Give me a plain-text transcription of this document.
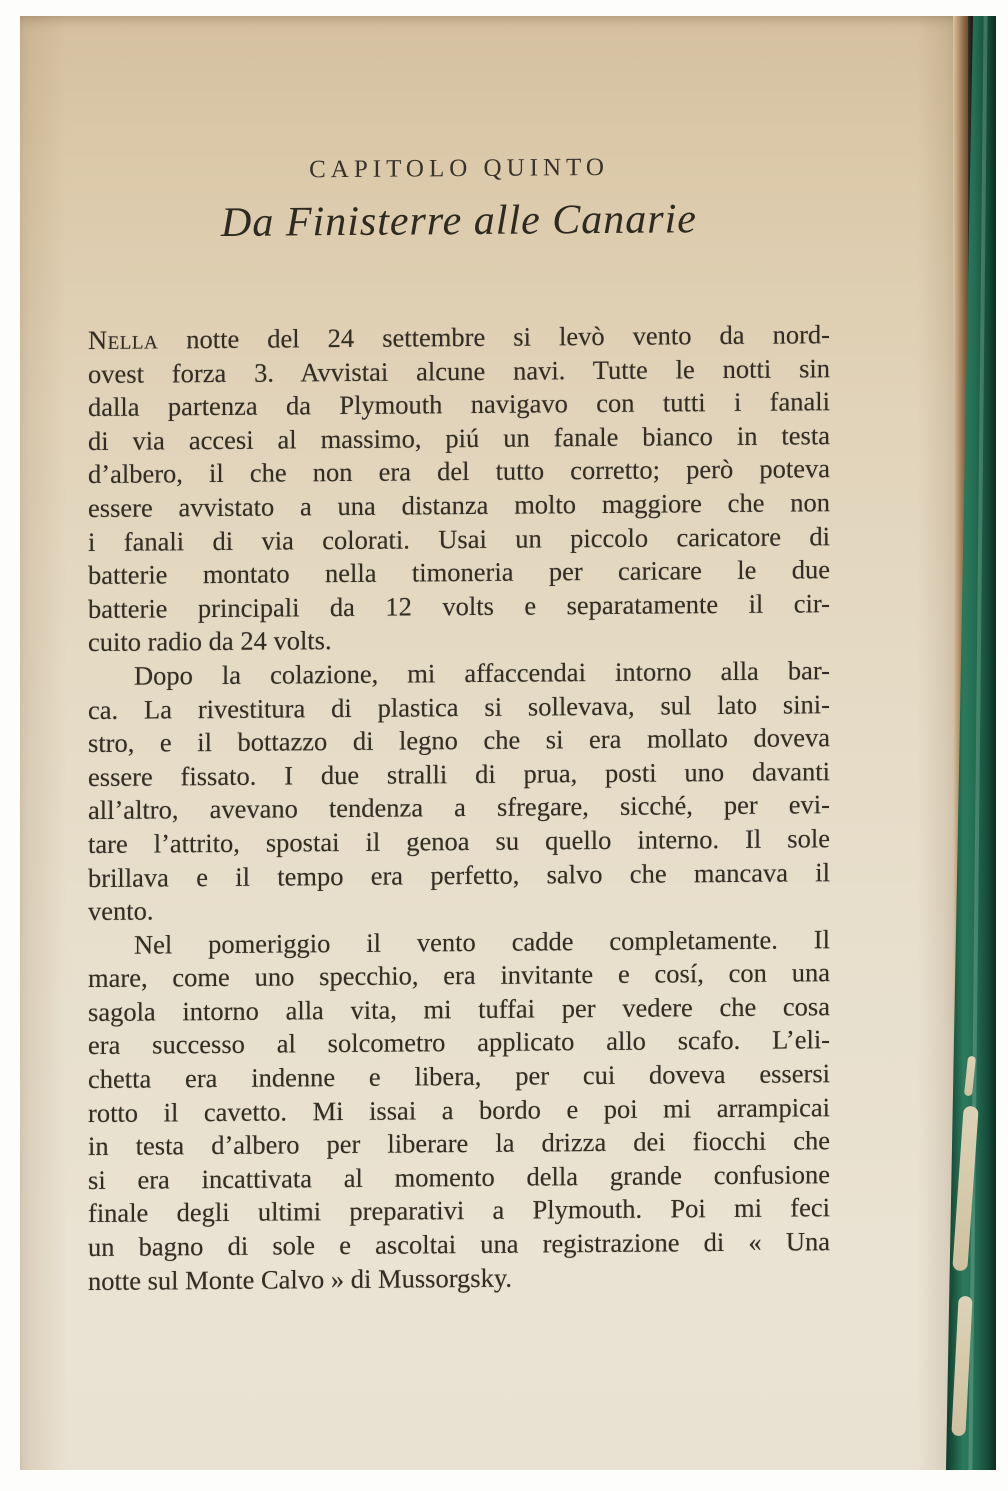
CAPITOLO QUINTO
Da Finisterre alle Canarie
Nella notte del 24 settembre si levò vento da nord-
ovest forza 3. Avvistai alcune navi. Tutte le notti sin
dalla partenza da Plymouth navigavo con tutti i fanali
di via accesi al massimo, piú un fanale bianco in testa
d’albero, il che non era del tutto corretto; però poteva
essere avvistato a una distanza molto maggiore che non
i fanali di via colorati. Usai un piccolo caricatore di
batterie montato nella timoneria per caricare le due
batterie principali da 12 volts e separatamente il cir-
cuito radio da 24 volts.
Dopo la colazione, mi affaccendai intorno alla bar-
ca. La rivestitura di plastica si sollevava, sul lato sini-
stro, e il bottazzo di legno che si era mollato doveva
essere fissato. I due stralli di prua, posti uno davanti
all’altro, avevano tendenza a sfregare, sicché, per evi-
tare l’attrito, spostai il genoa su quello interno. Il sole
brillava e il tempo era perfetto, salvo che mancava il
vento.
Nel pomeriggio il vento cadde completamente. Il
mare, come uno specchio, era invitante e cosí, con una
sagola intorno alla vita, mi tuffai per vedere che cosa
era successo al solcometro applicato allo scafo. L’eli-
chetta era indenne e libera, per cui doveva essersi
rotto il cavetto. Mi issai a bordo e poi mi arrampicai
in testa d’albero per liberare la drizza dei fiocchi che
si era incattivata al momento della grande confusione
finale degli ultimi preparativi a Plymouth. Poi mi feci
un bagno di sole e ascoltai una registrazione di « Una
notte sul Monte Calvo » di Mussorgsky.
